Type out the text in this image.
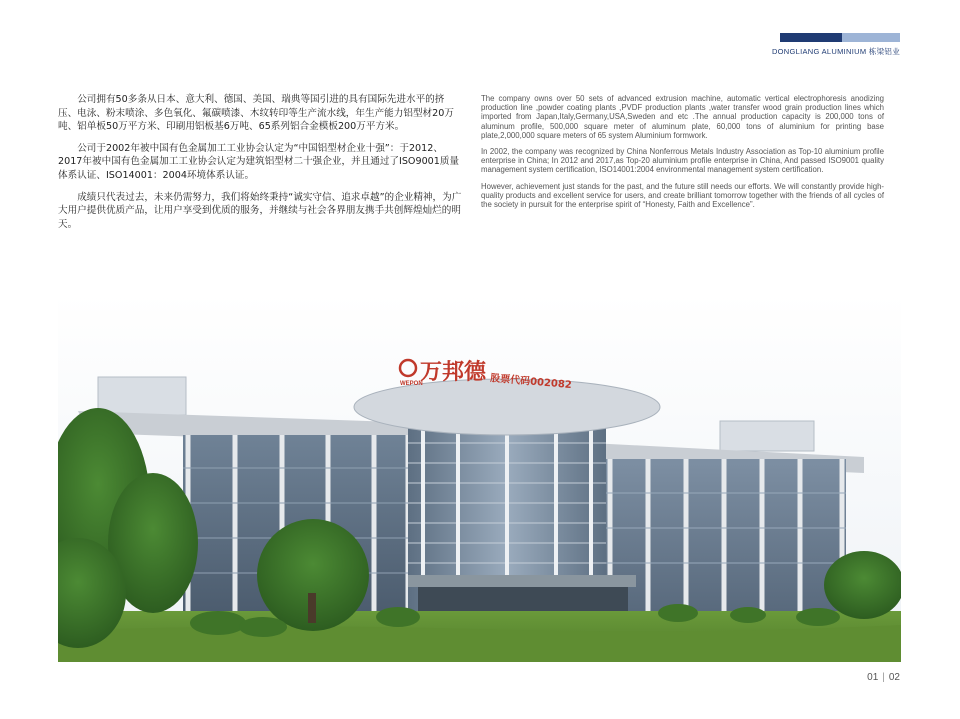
DONGLIANG ALUMINIUM 栋梁铝业

公司拥有50多条从日本、意大利、德国、美国、瑞典等国引进的具有国际先进水平的挤压、电泳、粉末喷涂、多色氧化、氟碳喷漆、木纹转印等生产流水线，年生产能力铝型材20万吨、铝单板50万平方米、印刷用铝板基6万吨、65系列铝合金模板200万平方米。

公司于2002年被中国有色金属加工工业协会认定为“中国铝型材企业十强”：于2012、2017年被中国有色金属加工工业协会认定为建筑铝型材二十强企业，并且通过了ISO9001质量体系认证、ISO14001：2004环境体系认证。

成绩只代表过去，未来仍需努力，我们将始终秉持“诚实守信、追求卓越”的企业精神，为广大用户提供优质产品，让用户享受到优质的服务，并继续与社会各界朋友携手共创辉煌灿烂的明天。

The company owns over 50 sets of advanced extrusion machine, automatic vertical electrophoresis anodizing production line ,powder coating plants ,PVDF production plants ,water transfer wood grain production lines which imported from Japan,Italy,Germany,USA,Sweden and etc .The annual production capacity is 200,000 tons of aluminum profile, 500,000 square meter of aluminum plate, 60,000 tons of aluminium for printing base plate,2,000,000 square meters of 65 system Aluminium formwork.

In 2002, the company was recognized by China Nonferrous Metals Industry Association as Top-10 aluminium profile enterprise in China; In 2012 and 2017,as Top-20 aluminium profile enterprise in China, And passed ISO9001 quality management system certification, ISO14001:2004 environmental management system certification.

However, achievement just stands for the past, and the future still needs our efforts. We will constantly provide high-quality products and excellent service for users, and create brilliant tomorrow together with the friends of all cycles of the society in pursuit for the enterprise spirit of “Honesty, Faith and Excellence”.

WEPON
万邦德 股票代码002082
01 | 02
